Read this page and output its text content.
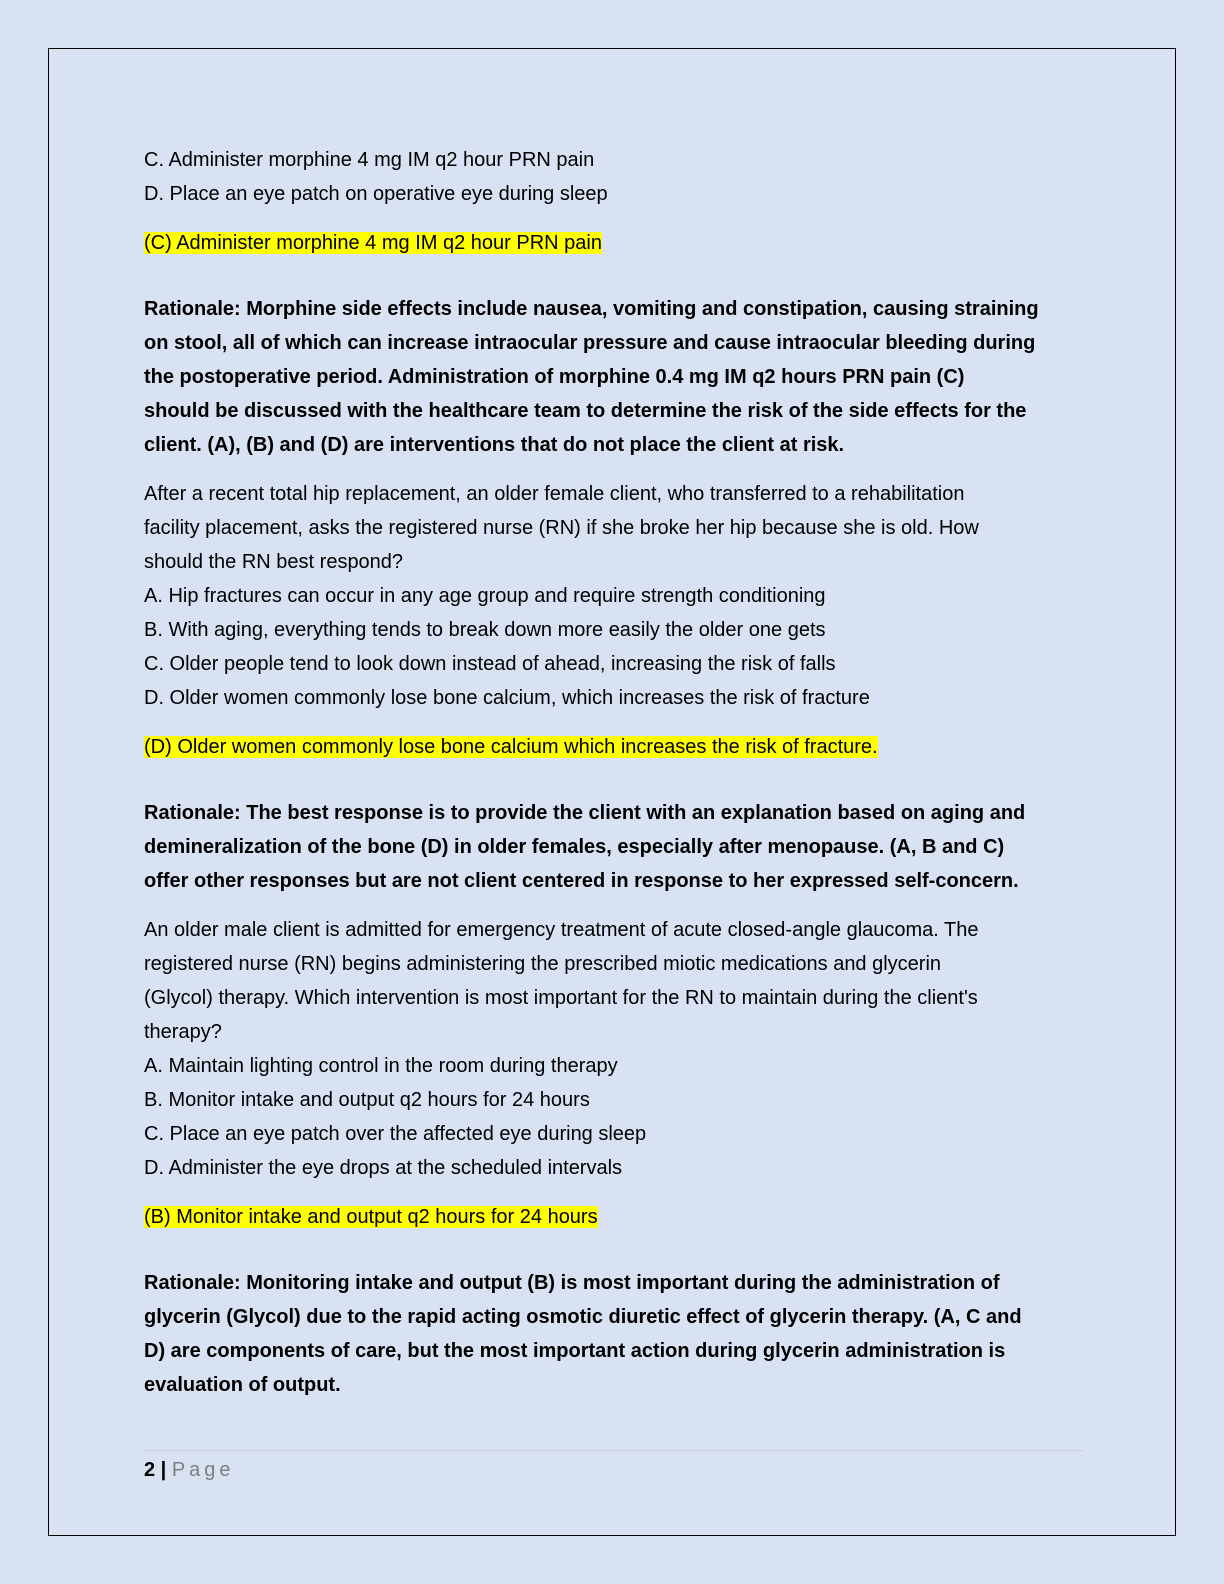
C. Administer morphine 4 mg IM q2 hour PRN pain

D. Place an eye patch on operative eye during sleep

(C) Administer morphine 4 mg IM q2 hour PRN pain

Rationale: Morphine side effects include nausea, vomiting and constipation, causing straining

on stool, all of which can increase intraocular pressure and cause intraocular bleeding during

the postoperative period. Administration of morphine 0.4 mg IM q2 hours PRN pain (C)

should be discussed with the healthcare team to determine the risk of the side effects for the

client. (A), (B) and (D) are interventions that do not place the client at risk.

After a recent total hip replacement, an older female client, who transferred to a rehabilitation

facility placement, asks the registered nurse (RN) if she broke her hip because she is old. How

should the RN best respond?

A. Hip fractures can occur in any age group and require strength conditioning

B. With aging, everything tends to break down more easily the older one gets

C. Older people tend to look down instead of ahead, increasing the risk of falls

D. Older women commonly lose bone calcium, which increases the risk of fracture

(D) Older women commonly lose bone calcium which increases the risk of fracture.

Rationale: The best response is to provide the client with an explanation based on aging and

demineralization of the bone (D) in older females, especially after menopause. (A, B and C)

offer other responses but are not client centered in response to her expressed self-concern.

An older male client is admitted for emergency treatment of acute closed-angle glaucoma. The

registered nurse (RN) begins administering the prescribed miotic medications and glycerin

(Glycol) therapy. Which intervention is most important for the RN to maintain during the client's

therapy?

A. Maintain lighting control in the room during therapy

B. Monitor intake and output q2 hours for 24 hours

C. Place an eye patch over the affected eye during sleep

D. Administer the eye drops at the scheduled intervals

(B) Monitor intake and output q2 hours for 24 hours

Rationale: Monitoring intake and output (B) is most important during the administration of

glycerin (Glycol) due to the rapid acting osmotic diuretic effect of glycerin therapy. (A, C and

D) are components of care, but the most important action during glycerin administration is

evaluation of output.

2 | Page
